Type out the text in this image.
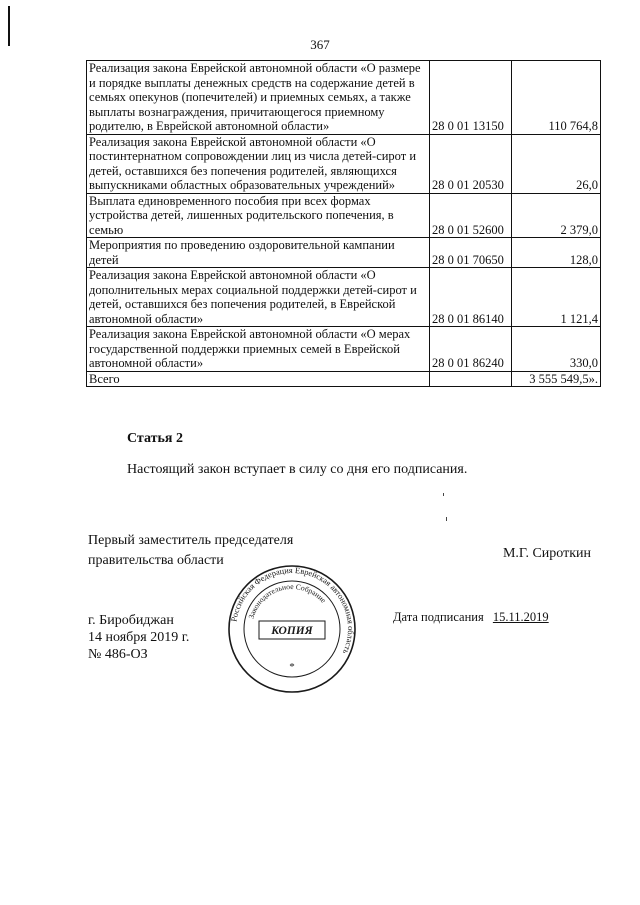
367
Реализация закона Еврейской автономной области «О размере и порядке выплаты денежных средств на содержание детей в семьях опекунов (попечителей) и приемных семьях, а также выплаты вознаграждения, причитающегося приемному родителю, в Еврейской автономной области»	28 0 01 13150	110 764,8
Реализация закона Еврейской автономной области «О постинтернатном сопровождении лиц из числа детей-сирот и детей, оставшихся без попечения родителей, являющихся выпускниками областных образовательных учреждений»	28 0 01 20530	26,0
Выплата единовременного пособия при всех формах устройства детей, лишенных родительского попечения, в семью	28 0 01 52600	2 379,0
Мероприятия по проведению оздоровительной кампании детей	28 0 01 70650	128,0
Реализация закона Еврейской автономной области «О дополнительных мерах социальной поддержки детей-сирот и детей, оставшихся без попечения родителей, в Еврейской автономной области»	28 0 01 86140	1 121,4
Реализация закона Еврейской автономной области «О мерах государственной поддержки приемных семей в Еврейской автономной области»	28 0 01 86240	330,0
Всего		3 555 549,5».
Статья 2
Настоящий закон вступает в силу со дня его подписания.
Первый заместитель председателя
правительства области	М.Г. Сироткин
г. Биробиджан
14 ноября 2019 г.
№ 486-ОЗ
Дата подписания 15.11.2019
Российская Федерация Еврейская автономная область
Законодательное Собрание
КОПИЯ
*
